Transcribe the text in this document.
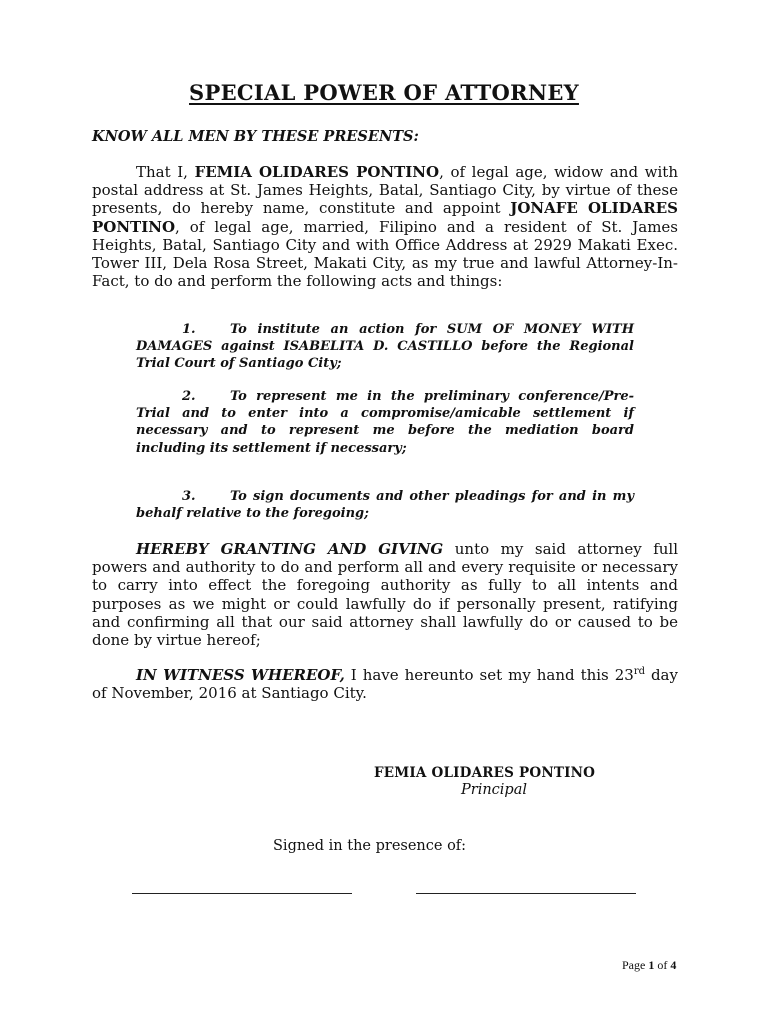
SPECIAL POWER OF ATTORNEY
KNOW ALL MEN BY THESE PRESENTS:
That I, FEMIA OLIDARES PONTINO, of legal age, widow and with postal address at St. James Heights, Batal, Santiago City, by virtue of these presents, do hereby name, constitute and appoint JONAFE OLIDARES PONTINO, of legal age, married, Filipino and a resident of St. James Heights, Batal, Santiago City and with Office Address at 2929 Makati Exec. Tower III, Dela Rosa Street, Makati City, as my true and lawful Attorney-In-Fact, to do and perform the following acts and things:
1.	To institute an action for SUM OF MONEY WITH DAMAGES against ISABELITA D. CASTILLO before the Regional Trial Court of Santiago City;
2.	To represent me in the preliminary conference/Pre-Trial and to enter into a compromise/amicable settlement if necessary and to represent me before the mediation board including its settlement if necessary;
3.	To sign documents and other pleadings for and in my behalf relative to the foregoing;
HEREBY GRANTING AND GIVING unto my said attorney full powers and authority to do and perform all and every requisite or necessary to carry into effect the foregoing authority as fully to all intents and purposes as we might or could lawfully do if personally present, ratifying and confirming all that our said attorney shall lawfully do or caused to be done by virtue hereof;
IN WITNESS WHEREOF, I have hereunto set my hand this 23rd day of November, 2016 at Santiago City.
FEMIA OLIDARES PONTINO
Principal
Signed in the presence of:
Page 1 of 4
